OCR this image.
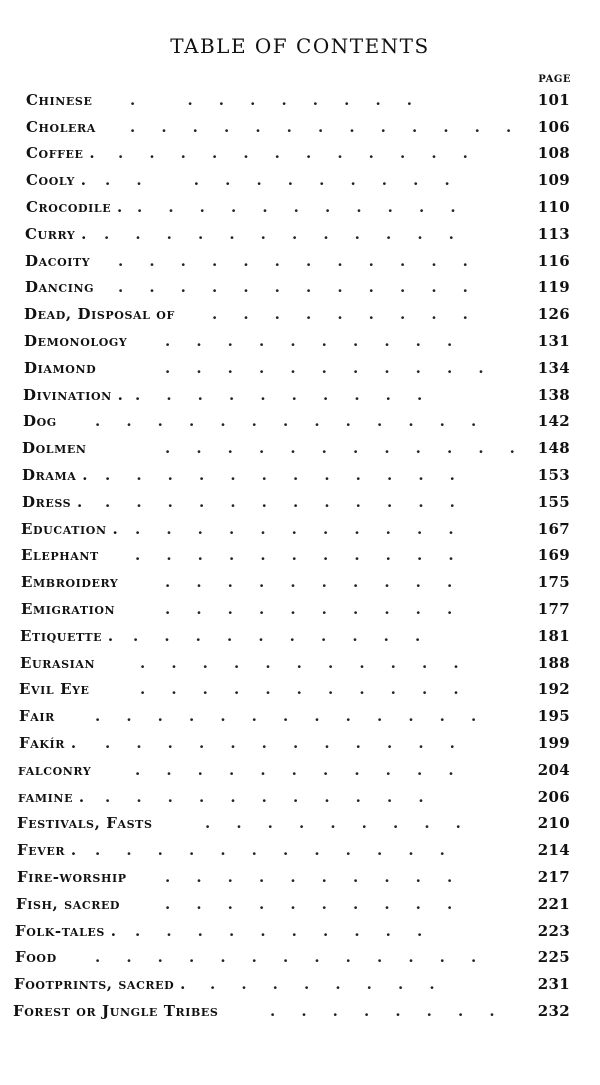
TABLE OF CONTENTS
PAGE
Chinese	.          .     .     .     .     .     .     .     .	101
Cholera .     .     .     .     .     .     .     .     .     .     .     .     . 106
Coffee . .     .     .     .     .     .     .     .     .     .     .     .	108
Cooly . .     .          .     .     .     .     .     .     .     .     .	109
Crocodile . .     .     .     .     .     .     .     .     .     .     .	110
Curry . .     .     .     .     .     .     .     .     .     .     .     .	113
Dacoity .     .     .     .     .     .     .     .     .     .     .     .	116
Dancing .     .     .     .     .     .     .     .     .     .     .     .	119
Dead, Disposal of .     .     .     .     .     .     .     .     .	126
Demonology	.     .     .     .     .     .     .     .     .     .	131
Diamond	.     .     .     .     .     .     .     .     .     .     .	134
Divination . .     .     .     .     .     .     .     .     .     .	138
Dog	.     .     .     .     .     .     .     .     .     .     .     .     .	142
Dolmen	.     .     .     .     .     .     .     .     .     .     .     . 148
Drama . .     .     .     .     .     .     .     .     .     .     .     .	153
Dress . .     .     .     .     .     .     .     .     .     .     .     .	155
Education . .     .     .     .     .     .     .     .     .     .     .	167
Elephant .     .     .     .     .     .     .     .     .     .     .	169
Embroidery	.     .     .     .     .     .     .     .     .     .	175
Emigration	.     .     .     .     .     .     .     .     .     .	177
Etiquette . .     .     .     .     .     .     .     .     .     .	181
Eurasian	.     .     .     .     .     .     .     .     .     .     .	188
Evil Eye	.     .     .     .     .     .     .     .     .     .     .	192
Fair	.     .     .     .     .     .     .     .     .     .     .     .     .	195
Fakír . .     .     .     .     .     .     .     .     .     .     .     .	199
falconry	.     .     .     .     .     .     .     .     .     .     .	204
famine . .     .     .     .     .     .     .     .     .     .     .	206
Festivals, Fasts	.     .     .     .     .     .     .     .     .	210
Fever . .     .     .     .     .     .     .     .     .     .     .     .	214
Fire-worship	.     .     .     .     .     .     .     .     .     .	217
Fish, sacred	.     .     .     .     .     .     .     .     .     .	221
Folk-tales . .     .     .     .     .     .     .     .     .     .	223
Food	.     .     .     .     .     .     .     .     .     .     .     .     .	225
Footprints, sacred . .     .     .     .     .     .     .     .	231
Forest or Jungle Tribes	.     .     .     .     .     .     .     .	232
